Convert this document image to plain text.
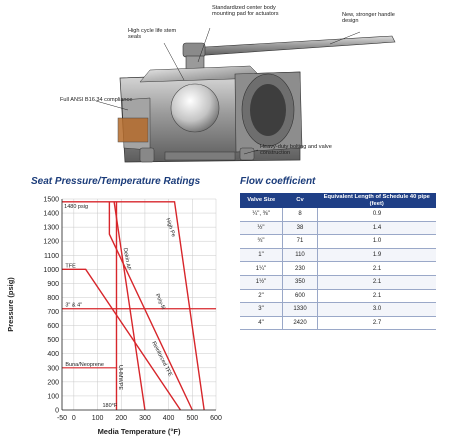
Standardized center body mounting pad for actuators	New, stronger handle design
High cycle life stem seals
Full ANSI B16.34 compliance
Heavy-duty bolting and valve construction
Seat Pressure/Temperature Ratings	Flow coefficient
0
100
200
300
400
500
600
700
800
900
1000
1100
1200
1300
1400
1500
-50 0 100 200 300 400 500 600
Media Temperature (°F)
Pressure (psig)
High Pe
Delrin AF
Poly-fil
Reinforced TFE
UHMWPE
1480 psig
TFE
3" & 4"
Buna/Neoprene
180°F
Valve Size	Cv	Equivalent Length of Schedule 40 pipe (feet)
¼", ⅜"	8	0.9
½"	38	1.4
¾"	71	1.0
1"	110	1.9
1¼"	230	2.1
1½"	350	2.1
2"	600	2.1
3"	1330	3.0
4"	2420	2.7
